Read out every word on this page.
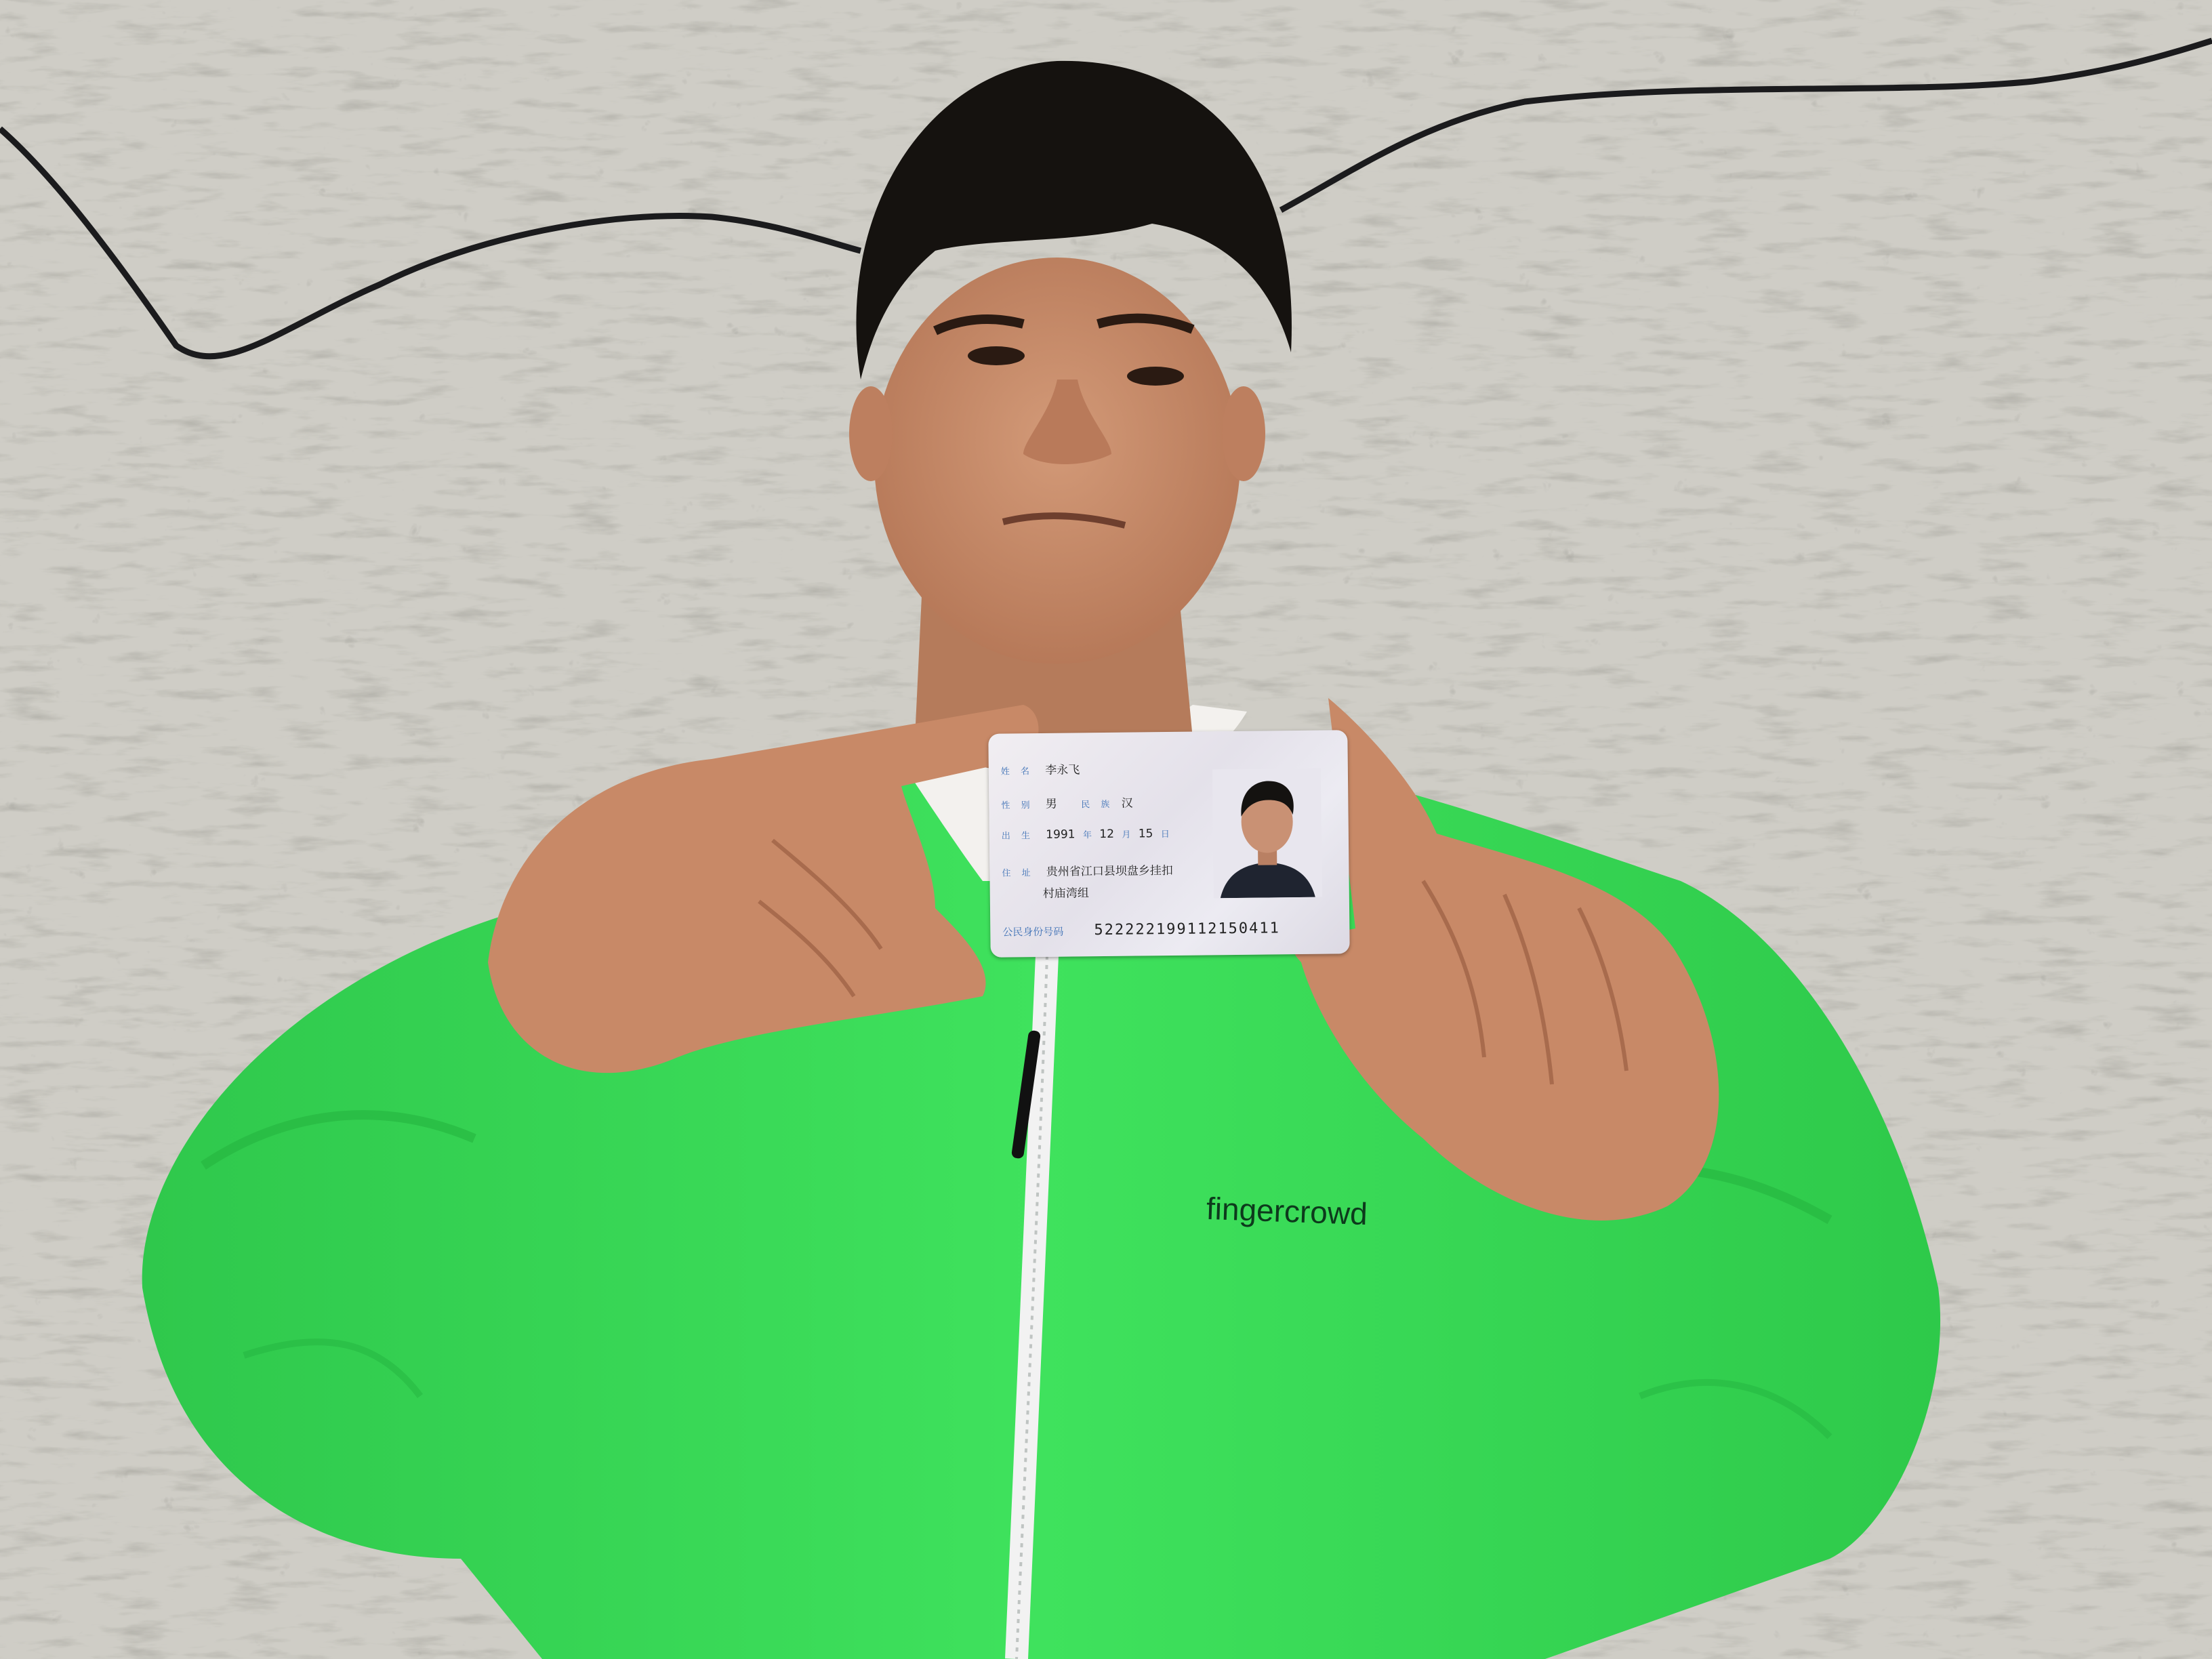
姓 名 李永飞
性 别 男	民 族 汉
出 生 1991 年 12 月 15 日
住 址 贵州省江口县坝盘乡挂扣
村庙湾组
公民身份号码 522222199112150411
fingercrowd
